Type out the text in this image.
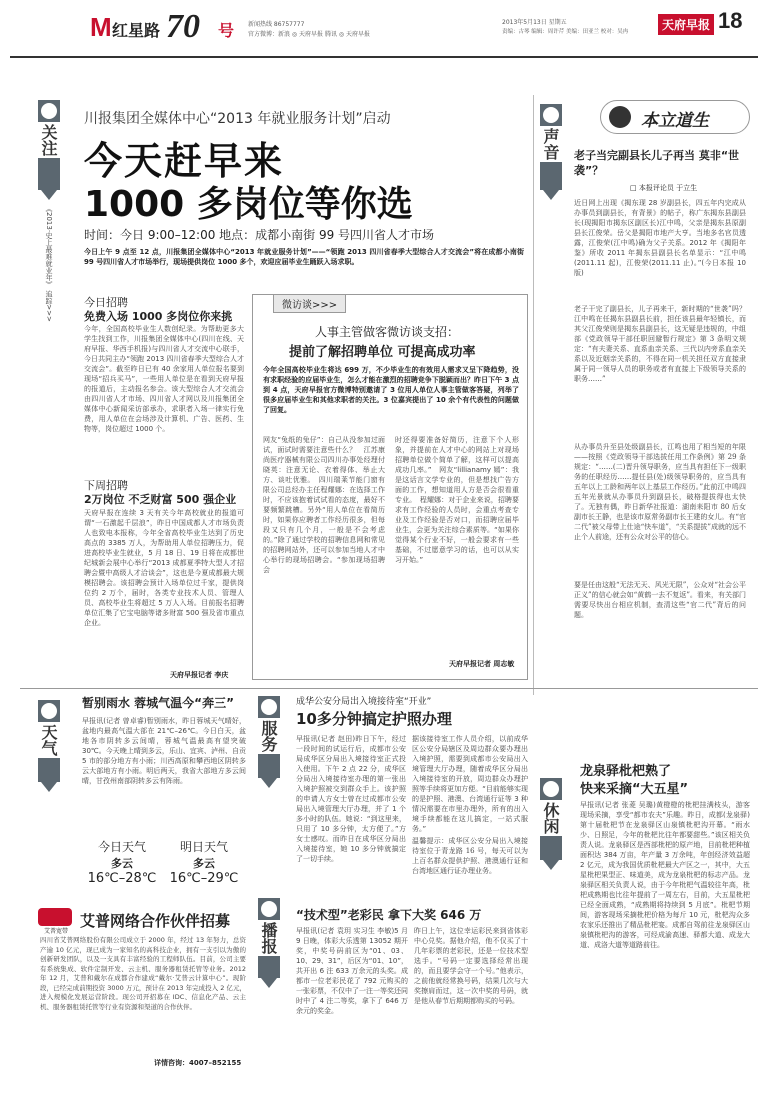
M 红星路 70 号 新闻热线 86757777
官方微博：新浪 ◎ 天府早报 腾讯 ◎ 天府早报
2013年5月13日 星期五
责编：古琴 编辑：周许芹 美编：田亚兰 校对：吴冉	天府早报 18
关注
《2013·史上最难就业年》 追踪>>>
川报集团全媒体中心“2013 年就业服务计划”启动
今天赶早来
1000 多岗位等你选
时间：今日 9:00–12:00 地点：成都小南街 99 号四川省人才市场
今日上午 9 点至 12 点，川报集团全媒体中心“2013 年就业服务计划”——“领跑 2013 四川省春季大型综合人才交流会”将在成都小南街 99 号四川省人才市场举行，现场提供岗位 1000 多个，欢迎应届毕业生踊跃入场求职。
今日招聘
免费入场 1000 多岗位你来挑
今年，全国高校毕业生人数创纪录。为帮助更多大学生找到工作，川报集团全媒体中心(四川在线、天府早报、华西手机报)与四川省人才交流中心联手，今日共同主办“领跑 2013 四川省春季大型综合人才交流会”。截至昨日已有 40 余家用人单位报名要到现场“招兵买马”，一些用人单位是在看到天府早报的报道后，主动报名参会。该大型综合人才交流会由四川省人才市场、四川省人才网以及川报集团全媒体中心新闻采访部承办，求职者入场一律实行免费，用人单位在会场涉及计算机、广告、医药、生物等，岗位超过 1000 个。
下周招聘
2万岗位 不乏财富 500 强企业
天府早报在连续 3 天有关今年高校就业的报道可谓“一石激起千层浪”，昨日中国成都人才市场负责人也致电本报称，今年全省高校毕业生达到了历史高点的 3385 万人，为帮助用人单位招聘压力，促进高校毕业生就业，5 月 18 日、19 日将在成都世纪城新会展中心举行“2013 成都夏季特大型人才招聘会暨中高级人才洽谈会”，这也是今夏成都最大规模招聘会。该招聘会预计入场单位过千家，提供岗位约 2 万个，届时，各类专业技术人员、管理人员、高校毕业生将超过 5 万人入场。目前报名招聘单位汇集了它宝电脑等诸多财富 500 强及省市重点企业。
天府早报记者 李庆
微访谈>>>
人事主管做客微访谈支招：
提前了解招聘单位 可提高成功率
今年全国高校毕业生将达 699 万，不少毕业生的有效用人需求又呈下降趋势，没有求职经验的应届毕业生，怎么才能在激烈的招聘竞争下脱颖而出？昨日下午 3 点到 4 点，天府早报官方微博特别邀请了 3 位用人单位人事主管做客答疑，列举了很多应届毕业生和其他求职者的关注。3 位嘉宾提出了 10 余个有代表性的问题做了回复。
网友“兔纸的兔仔”：自己从没参加过面试，面试时需要注意些什么？　江苏康尚医疗器械有限公司四川办事处经理付晓英：注意无论、衣着得体、举止大方、谈吐优雅。　四川瑞莱节能门窗有限公司总经办主任程耀娜：在选择工作时，不应该抱着试试看的态度，最好不要频繁跳槽。另外“用人单位在看简历时，如果你应聘者工作经历很多，但每段又只有几个月，一般是不会考虑的。”除了通过学校的招聘信息网和常见的招聘网站外，还可以参加当地人才中心举行的现场招聘会。“参加现场招聘会
时还得要准备好简历，注意下个人形象，并提前在人才中心的网站上对现场招聘单位做个简单了解，这样可以提高成功几率。”　网友“lillianamy 嫣”：我是这话言文学专业的，但是想找广告方面的工作，想知道用人方是否会很看重专业。　程耀娜：对于企业来说，招聘要求有工作经验的人员时，会重点考查专业及工作经验是否对口，而招聘应届毕业生，会更为关注综合素质等。“如果你觉得某个行业不好，一般会要求有一些基础，不过愿意学习的话，也可以从实习开始。”
天府早报记者 周志敏
声音
本立道生
老子当完副县长儿子再当 莫非“世袭”？
□ 本报评论员 于立生
近日网上出现《揭东现 28 岁副县长，四五年内完成从办事员到副县长，有背景》的帖子，称广东揭东县副县长(现揭阳市揭东区副区长)江中鸣，父亲是揭东县原副县长江俊荣。岳父是揭阳市地产大亨。当地多名官员透露，江俊荣(江中鸣)确为父子关系。2012 年《揭阳年鉴》所收 2011 年揭东县副县长名单显示：“江中鸣(2011.11 起)，江俊荣(2011.11 止)。”(今日本报 10 版)
老子干完了副县长，儿子再来干，新时期的“世袭”吗？江中鸣在任揭东县副县长前，担任该县最年轻镇长，而其父江俊荣则是揭东县副县长，这无疑是违规的，中组部《党政领导干部任职回避暂行规定》第 3 条明文规定：“有夫妻关系、直系血亲关系、三代以内旁系血亲关系以及近姻亲关系的，不得在同一机关担任双方直接隶属于同一领导人员的职务或者有直接上下级领导关系的职务……”
从办事员升至县处级副县长，江鸣也用了相当短的年限——按照《党政领导干部选拔任用工作条例》第 29 条规定：“……(二)晋升领导职务，应当具有担任下一级职务的任职经历……提任县(处)级领导职务的，应当具有五年以上工龄和两年以上基层工作经历。”此前江中鸣四五年光景就从办事员升到副县长，破格提拔得也太快了。无独有偶，昨日新华社报道：湖南耒阳市 80 后女副市长王静，也是该市原常务副市长王建的女儿。有“官二代”被父母带上仕途“快车道”，“关系提拔”成就的远不止个人前途，还有公众对公平的信心。
要是任由这般“无法无天、风光无限”，公众对“社会公平正义”的信心就会如“黄鹤一去不复返”。看来，有关部门需要尽快出台相应机制，查清这些“官二代”背后的问题。
天气
暂别雨水 蓉城气温今“奔三”
早报讯(记者 曾卓睿)暂别雨水，昨日蓉城天气晴好，盆地内最高气温大部在 21℃–26℃。今日白天，盆地各市阴转多云间晴，蓉城气温最高有望突破 30℃。今天晚上晴到多云，乐山、宜宾、泸州、自贡 5 市的部分地方有小雨；川西高原和攀西地区阴转多云大部地方有小雨。明后两天，我省大部地方多云间晴，甘孜州南部阴转多云有阵雨。
今日天气
多云
16℃–28℃
明日天气
多云
16℃–29℃
服务
成华公安分局出入境接待室“开业”
10多分钟搞定护照办理
早报讯(记者 赵田)昨日下午，经过一段时间的试运行后，成都市公安局成华区分局出入境接待室正式投入使用。下午 2 点 22 分，成华区分局出入境接待室办理的第一张出入境护照被交到群众手上。该护照的申请人方女士曾在过成都市公安局出入境管理大厅办理，并了 1 个多小时的队伍。她说：“到这里来，只用了 10 多分钟，太方便了。”方女士感叹。而昨日在成华区分局出入境接待室，她 10 多分钟就搞定了一切手续。
据该接待室工作人员介绍，以前成华区公安分局辖区及周边群众要办理出入境护照，需要到成都市公安局出入境管理大厅办理，随着成华区分局出入境接待室的开放，周边群众办理护照等手续将更加方便。“目前能够实现的是护照、港澳、台湾通行证等 3 种情况需要在市里办理外，所有的出入境手续都能在这儿搞定，一站式服务。”
温馨提示：成华区公安分局出入境接待室位于青龙路 16 号，每天可以为上百名群众提供护照、港澳通行证和台湾地区通行证办理业务。
艾普宽带
艾普网络合作伙伴招募
四川省艾普网络股份有限公司成立于 2000 年，经过 13 年努力，总资产逾 10 亿元，现已成为一家知名的高科技企业，拥有一支引以为傲的创新研发团队，以及一支具有丰富经验的工程师队伍。目前，公司主要有系统集成、软件定制开发、云主机、服务器租赁托管等业务。2012 年 12 月，艾普和戴尔在成都合作建成“戴尔·艾普云计算中心”。现阶段，已经完成前期投资 3000 万元，预计在 2013 年完成投入 2 亿元，进入规模化发展运营阶段。现公司开招募在 IDC、信息化产品、云主机、服务器租赁托管等行业有资源和渠道的合作伙伴。
详情咨询：4007–852155
播报
“技术型”老彩民 拿下大奖 646 万
早报讯(记者 袁玥 实习生 李敏)5 月 9 日晚，体彩大乐透第 13052 期开奖，中奖号码前区为“01、03、10、29、31”，后区为“01、10”，共开出 6 注 633 万余元的头奖。成都市一位老彩民花了 792 元购买的一张彩票，不仅中了一注一等奖还同时中了 4 注二等奖，拿下了 646 万余元的奖金。
昨日上午，这位幸运彩民来到省体彩中心兑奖。据他介绍，他不仅买了十几年彩票的老彩民，还是一位技术型选手。“号码一定要选择经常出现的，而且要学会守一个号。”他表示，之前他就经常换号码，结果几次与大奖擦肩而过，这一次中奖的号码，就是他从春节后期期都购买的号码。
休闲
龙泉驿枇杷熟了
快来采摘“大五星”
早报讯(记者 张菱 吴璐)黄橙橙的枇杷挂满枝头，游客现场采摘，享受“都市农夫”乐趣。昨日，成都(龙泉驿)第十届枇杷节在龙泉驿区山泉镇枇杷沟开幕。“雨水少、日照足，今年的枇杷比往年都要甜些。”该区相关负责人说。龙泉驿区是西部枇杷的原产地，目前枇杷种植面积达 384 万亩，年产量 3 万余吨，年创经济效益超 2 亿元，成为我国优质枇杷最大产区之一，其中，大五星枇杷果型正、味道美，成为龙泉枇杷的标志产品。龙泉驿区相关负责人说，由于今年枇杷气温较往年高，枇杷成熟期也比往年提前了一周左右，目前，大五星枇杷已经全面成熟，“成熟期将持续到 5 月底”。枇杷节期间，游客现场采摘枇杷价格为每斤 10 元，枇杷沟众多农家乐还推出了精品枇杷宴。成都自驾前往龙泉驿区山泉镇枇杷沟的游客，可经成渝高速、驿都大道、成龙大道、成洛大道等道路前往。
